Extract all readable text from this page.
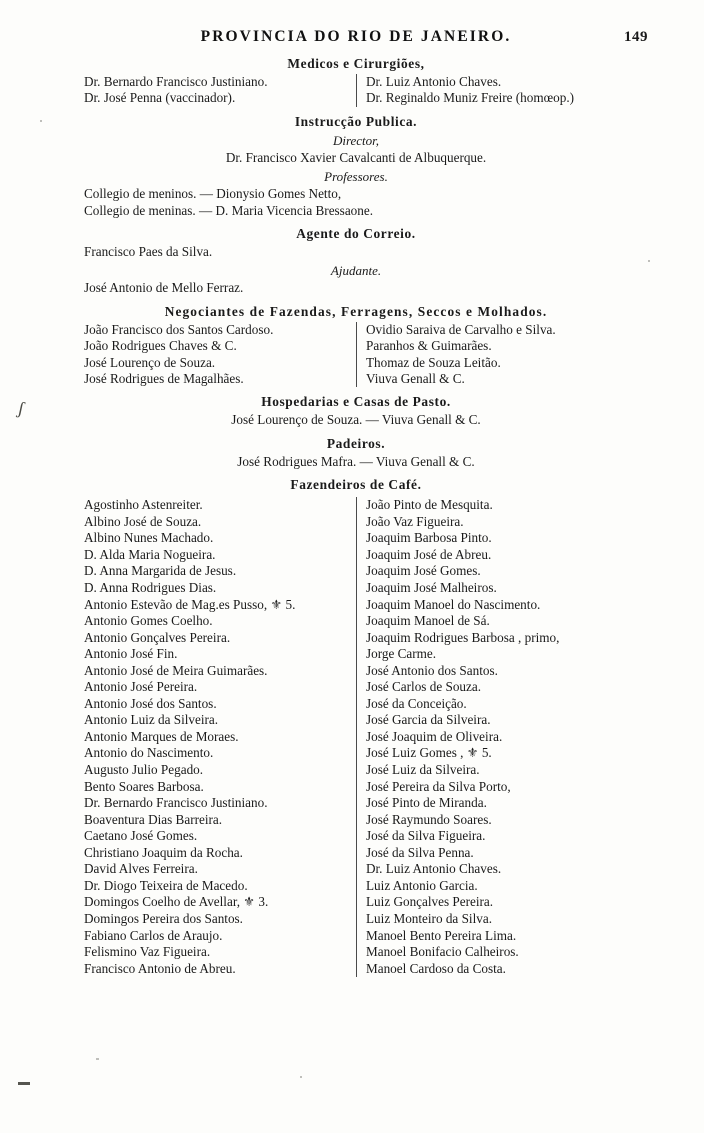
ʃ
PROVINCIA DO RIO DE JANEIRO.	149
Medicos e Cirurgiões,
Dr. Bernardo Francisco Justiniano.
Dr. José Penna (vaccinador).
Dr. Luiz Antonio Chaves.
Dr. Reginaldo Muniz Freire (homœop.)
Instrucção Publica.
Director,
Dr. Francisco Xavier Cavalcanti de Albuquerque.
Professores.
Collegio de meninos. — Dionysio Gomes Netto,
Collegio de meninas. — D. Maria Vicencia Bressaone.
Agente do Correio.
Francisco Paes da Silva.
Ajudante.
José Antonio de Mello Ferraz.
Negociantes de Fazendas, Ferragens, Seccos e Molhados.
João Francisco dos Santos Cardoso.
João Rodrigues Chaves & C.
José Lourenço de Souza.
José Rodrigues de Magalhães.
Ovidio Saraiva de Carvalho e Silva.
Paranhos & Guimarães.
Thomaz de Souza Leitão.
Viuva Genall & C.
Hospedarias e Casas de Pasto.
José Lourenço de Souza. — Viuva Genall & C.
Padeiros.
José Rodrigues Mafra. — Viuva Genall & C.
Fazendeiros de Café.
Agostinho Astenreiter.
Albino José de Souza.
Albino Nunes Machado.
D. Alda Maria Nogueira.
D. Anna Margarida de Jesus.
D. Anna Rodrigues Dias.
Antonio Estevão de Mag.es Pusso, ⚜ 5.
Antonio Gomes Coelho.
Antonio Gonçalves Pereira.
Antonio José Fin.
Antonio José de Meira Guimarães.
Antonio José Pereira.
Antonio José dos Santos.
Antonio Luiz da Silveira.
Antonio Marques de Moraes.
Antonio do Nascimento.
Augusto Julio Pegado.
Bento Soares Barbosa.
Dr. Bernardo Francisco Justiniano.
Boaventura Dias Barreira.
Caetano José Gomes.
Christiano Joaquim da Rocha.
David Alves Ferreira.
Dr. Diogo Teixeira de Macedo.
Domingos Coelho de Avellar, ⚜ 3.
Domingos Pereira dos Santos.
Fabiano Carlos de Araujo.
Felismino Vaz Figueira.
Francisco Antonio de Abreu.
João Pinto de Mesquita.
João Vaz Figueira.
Joaquim Barbosa Pinto.
Joaquim José de Abreu.
Joaquim José Gomes.
Joaquim José Malheiros.
Joaquim Manoel do Nascimento.
Joaquim Manoel de Sá.
Joaquim Rodrigues Barbosa , primo,
Jorge Carme.
José Antonio dos Santos.
José Carlos de Souza.
José da Conceição.
José Garcia da Silveira.
José Joaquim de Oliveira.
José Luiz Gomes , ⚜ 5.
José Luiz da Silveira.
José Pereira da Silva Porto,
José Pinto de Miranda.
José Raymundo Soares.
José da Silva Figueira.
José da Silva Penna.
Dr. Luiz Antonio Chaves.
Luiz Antonio Garcia.
Luiz Gonçalves Pereira.
Luiz Monteiro da Silva.
Manoel Bento Pereira Lima.
Manoel Bonifacio Calheiros.
Manoel Cardoso da Costa.
